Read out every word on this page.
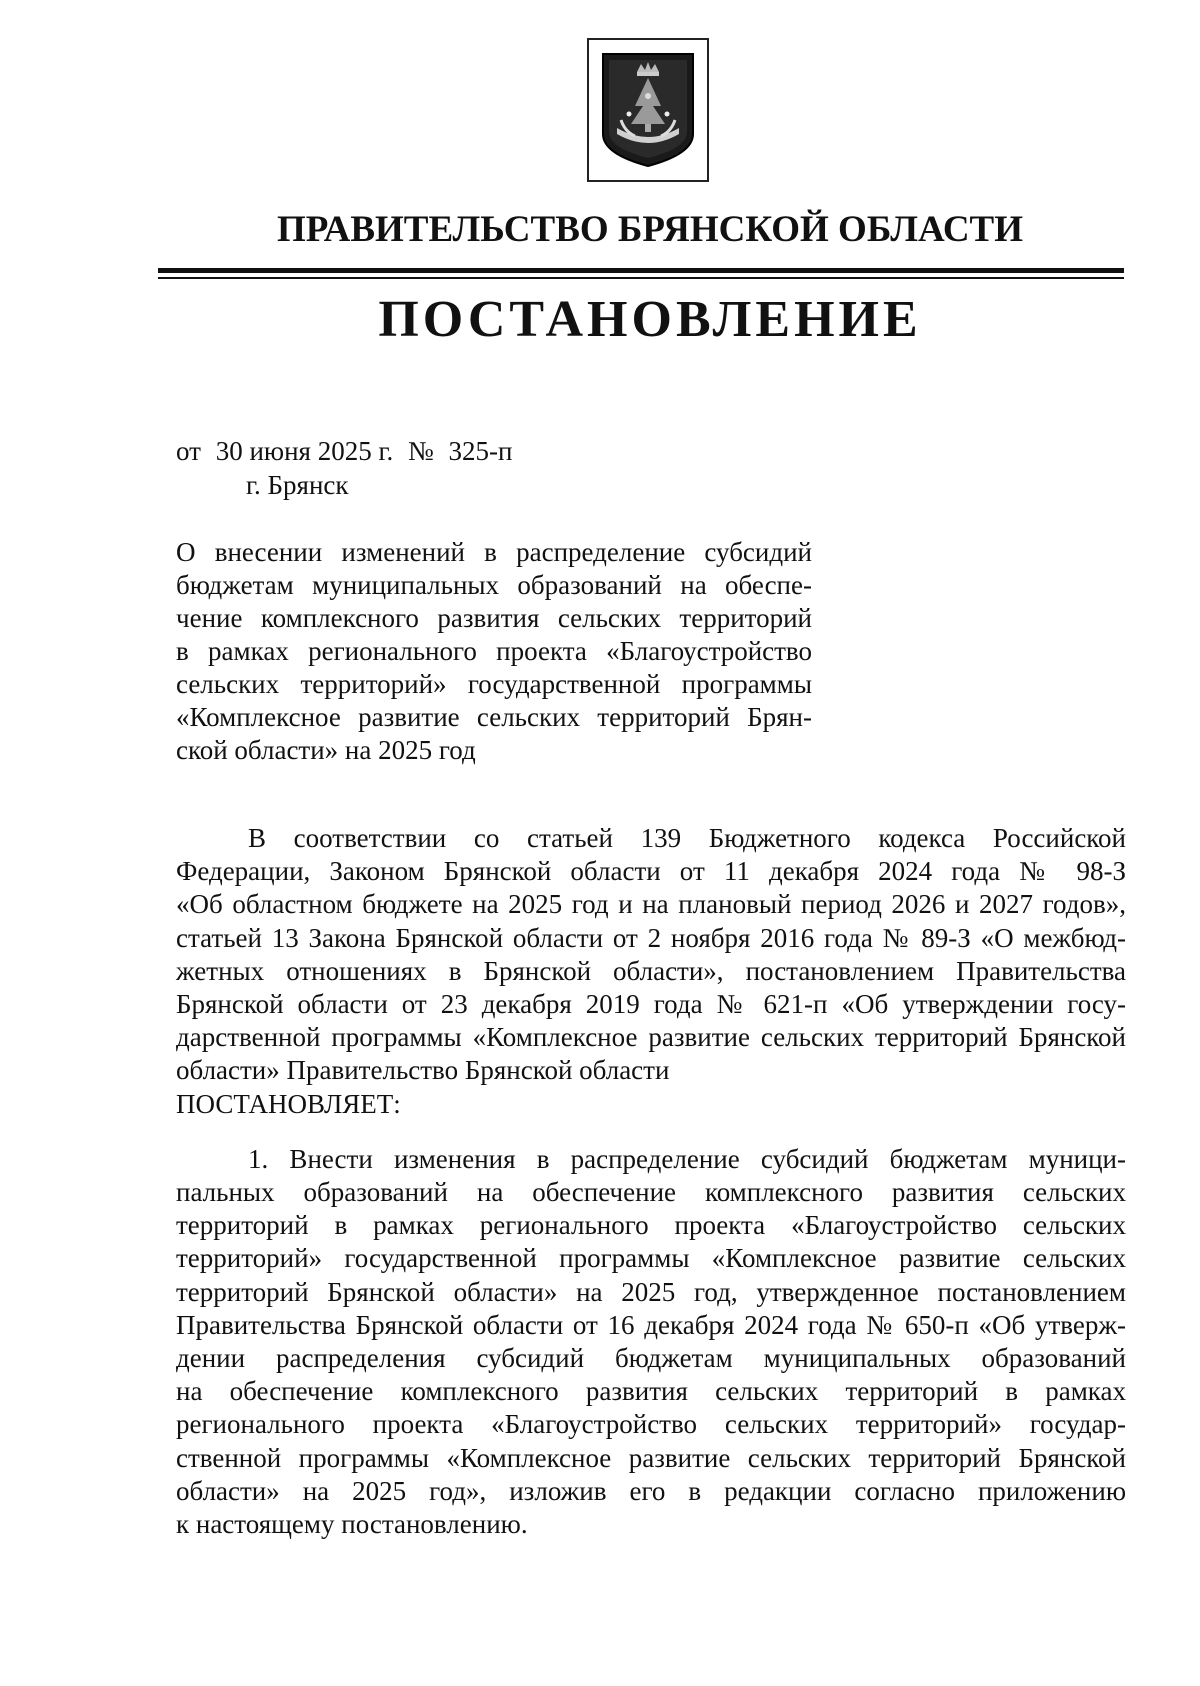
ПРАВИТЕЛЬСТВО БРЯНСКОЙ ОБЛАСТИ
ПОСТАНОВЛЕНИЕ
от 30 июня 2025 г. № 325-п
г. Брянск
О внесении изменений в распределение субсидий
бюджетам муниципальных образований на обеспе-
чение комплексного развития сельских территорий
в рамках регионального проекта «Благоустройство
сельских территорий» государственной программы
«Комплексное развитие сельских территорий Брян-
ской области» на 2025 год
В соответствии со статьей 139 Бюджетного кодекса Российской
Федерации, Законом Брянской области от 11 декабря 2024 года № 98-З
«Об областном бюджете на 2025 год и на плановый период 2026 и 2027 годов»,
статьей 13 Закона Брянской области от 2 ноября 2016 года № 89-З «О межбюд-
жетных отношениях в Брянской области», постановлением Правительства
Брянской области от 23 декабря 2019 года № 621-п «Об утверждении госу-
дарственной программы «Комплексное развитие сельских территорий Брянской
области» Правительство Брянской области
ПОСТАНОВЛЯЕТ:
1. Внести изменения в распределение субсидий бюджетам муници-
пальных образований на обеспечение комплексного развития сельских
территорий в рамках регионального проекта «Благоустройство сельских
территорий» государственной программы «Комплексное развитие сельских
территорий Брянской области» на 2025 год, утвержденное постановлением
Правительства Брянской области от 16 декабря 2024 года № 650-п «Об утверж-
дении распределения субсидий бюджетам муниципальных образований
на обеспечение комплексного развития сельских территорий в рамках
регионального проекта «Благоустройство сельских территорий» государ-
ственной программы «Комплексное развитие сельских территорий Брянской
области» на 2025 год», изложив его в редакции согласно приложению
к настоящему постановлению.
